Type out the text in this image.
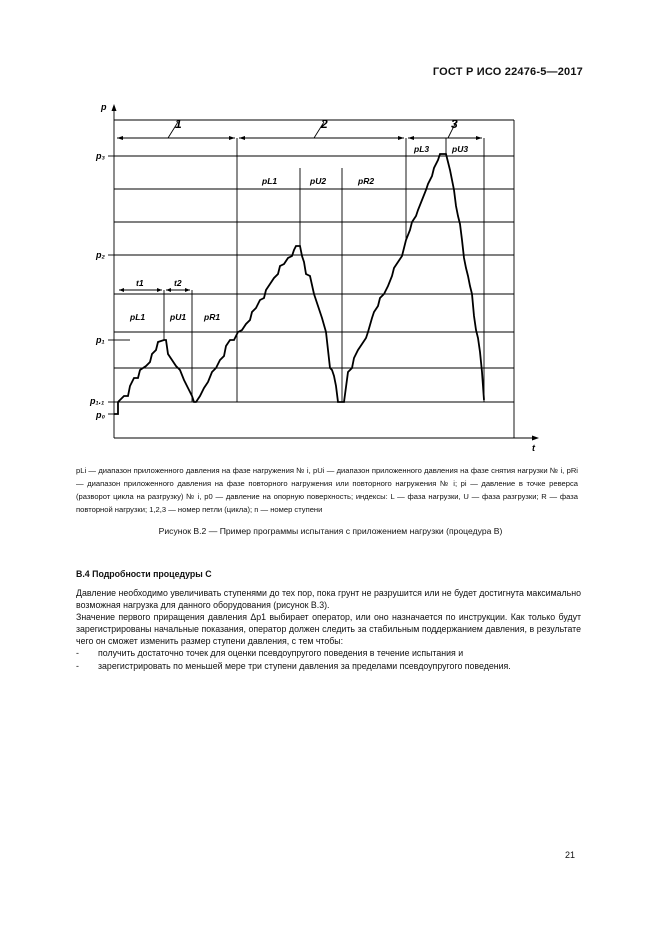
ГОСТ Р ИСО 22476-5—2017
p
t
p₃
p₂
p₁
p₁.₁
p₀
1	2	3
pL1	pU1 pR1
pL1	pU2	pR2
pL3	pU3
t1	t2
pLi — диапазон приложенного давления на фазе нагружения № i, pUi — диапазон приложенного давления на фазе снятия нагрузки № i, pRi — диапазон приложенного давления на фазе повторного нагружения или повторного нагружения № i; pi — давление в точке реверса (разворот цикла на разгрузку) № i, p0 — давление на опорную поверхность; индексы: L — фаза нагрузки, U — фаза разгрузки; R — фаза повторной нагрузки; 1,2,3 — номер петли (цикла); n — номер ступени
Рисунок В.2 — Пример программы испытания с приложением нагрузки (процедура В)
В.4 Подробности процедуры С
Давление необходимо увеличивать ступенями до тех пор, пока грунт не разрушится или не будет достигнута максимально возможная нагрузка для данного оборудования (рисунок В.3).
Значение первого приращения давления Δp1 выбирает оператор, или оно назначается по инструкции. Как только будут зарегистрированы начальные показания, оператор должен следить за стабильным поддержанием давления, в результате чего он сможет изменить размер ступени давления, с тем чтобы:
- получить достаточно точек для оценки псевдоупругого поведения в течение испытания и
- зарегистрировать по меньшей мере три ступени давления за пределами псевдоупругого поведения.
21
